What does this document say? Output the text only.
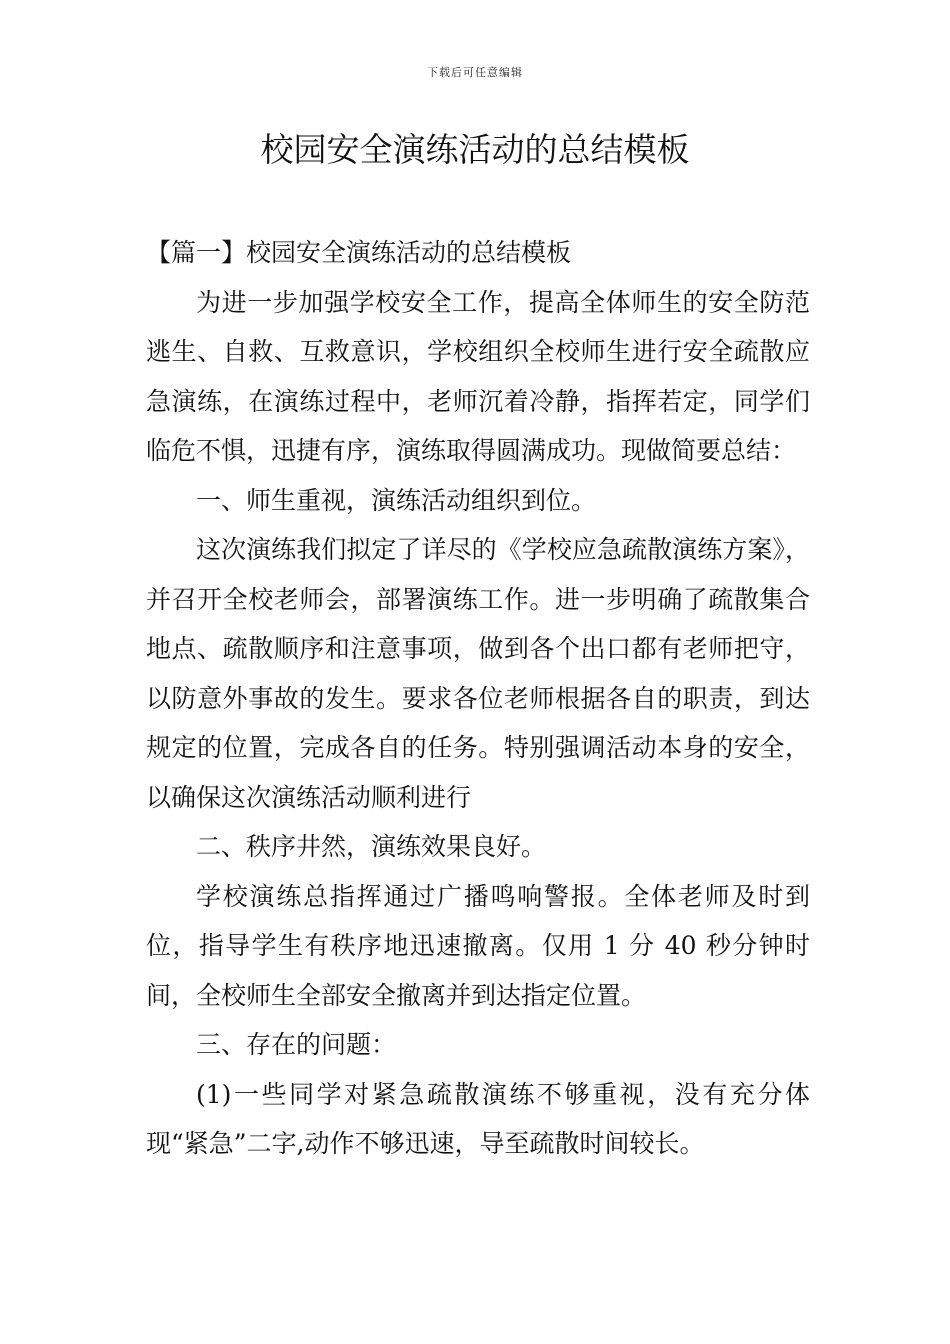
下载后可任意编辑
校园安全演练活动的总结模板

【篇一】校园安全演练活动的总结模板

为进一步加强学校安全工作，提高全体师生的安全防范逃生、自救、互救意识，学校组织全校师生进行安全疏散应急演练，在演练过程中，老师沉着冷静，指挥若定，同学们临危不惧，迅捷有序，演练取得圆满成功。现做简要总结：

一、师生重视，演练活动组织到位。

这次演练我们拟定了详尽的《学校应急疏散演练方案》，并召开全校老师会，部署演练工作。进一步明确了疏散集合地点、疏散顺序和注意事项，做到各个出口都有老师把守，以防意外事故的发生。要求各位老师根据各自的职责，到达规定的位置，完成各自的任务。特别强调活动本身的安全，以确保这次演练活动顺利进行

二、秩序井然，演练效果良好。

学校演练总指挥通过广播鸣响警报。全体老师及时到位，指导学生有秩序地迅速撤离。仅用 1 分 40 秒分钟时间，全校师生全部安全撤离并到达指定位置。

三、存在的问题：

(1)一些同学对紧急疏散演练不够重视，没有充分体现“紧急”二字,动作不够迅速，导至疏散时间较长。
